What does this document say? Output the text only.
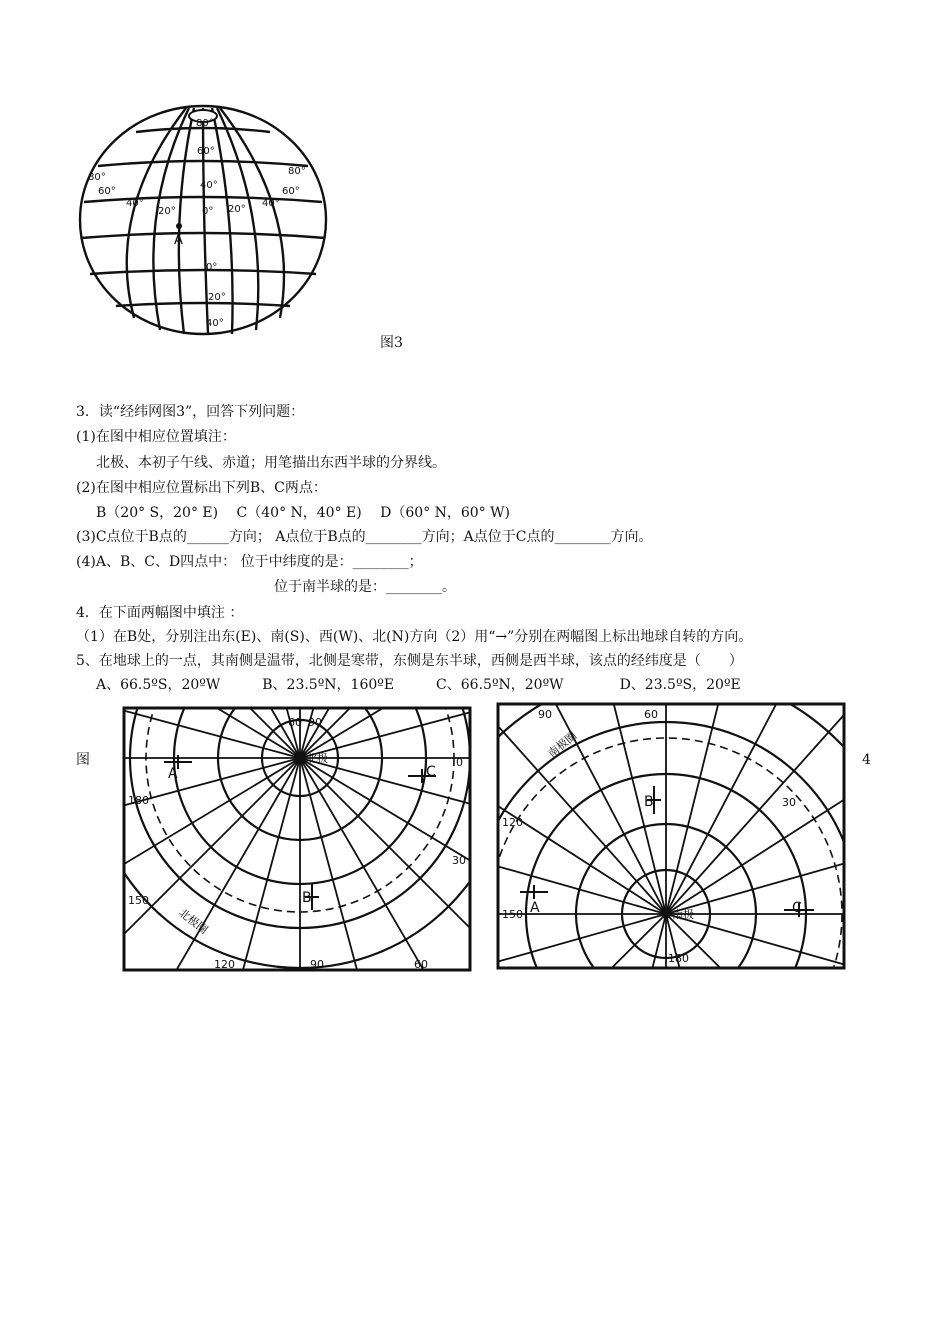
80°
60°
40°
0°
0°
20°
40°
80°
60°
40°
20°	20°
40°
60°
80°
A
图3
3．读“经纬网图3”，回答下列问题：
(1)在图中相应位置填注：
北极、本初子午线、赤道；用笔描出东西半球的分界线。
(2)在图中相应位置标出下列B、C两点：
B（20° S，20° E)　 C（40° N，40° E)　 D（60° N，60° W)
(3)C点位于B点的______方向； A点位于B点的________方向；A点位于C点的________方向。
(4)A、B、C、D四点中： 位于中纬度的是：________；
位于南半球的是：________。
4．在下面两幅图中填注 ：
（1）在B处，分别注出东(E)、南(S)、西(W)、北(N)方向（2）用“→”分别在两幅图上标出地球自转的方向。
5、在地球上的一点，其南侧是温带，北侧是寒带，东侧是东半球，西侧是西半球，该点的经纬度是（　　）
A、66.5ºS，20ºW　　　B、23.5ºN，160ºE　　　C、66.5ºN，20ºW　　　　D、23.5ºS，20ºE
图	4
北极
A
B
C
180
150
120	90	60
30
0
60 90
北极圈	南极
A
B
C
90	60
30
150
120
180
南极圈
